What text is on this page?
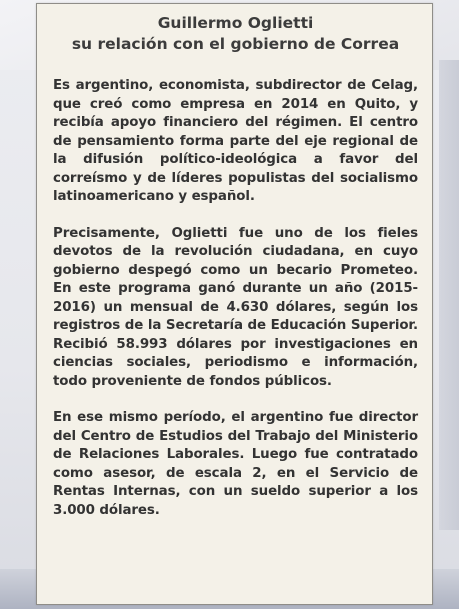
Guillermo Oglietti
su relación con el gobierno de Correa

Es argentino, economista, subdirector de Celag, que creó como empresa en 2014 en Quito, y recibía apoyo financiero del régimen. El centro de pensamiento forma parte del eje regional de la difusión político-ideológica a favor del correísmo y de líderes populistas del socialismo latinoamericano y español.

Precisamente, Oglietti fue uno de los fieles devotos de la revolución ciudadana, en cuyo gobierno despegó como un becario Prometeo. En este programa ganó durante un año (2015-2016) un mensual de 4.630 dólares, según los registros de la Secretaría de Educación Superior. Recibió 58.993 dólares por investigaciones en ciencias sociales, periodismo e información, todo proveniente de fondos públicos.

En ese mismo período, el argentino fue director del Centro de Estudios del Trabajo del Ministerio de Relaciones Laborales. Luego fue contratado como asesor, de escala 2, en el Servicio de Rentas Internas, con un sueldo superior a los 3.000 dólares.
